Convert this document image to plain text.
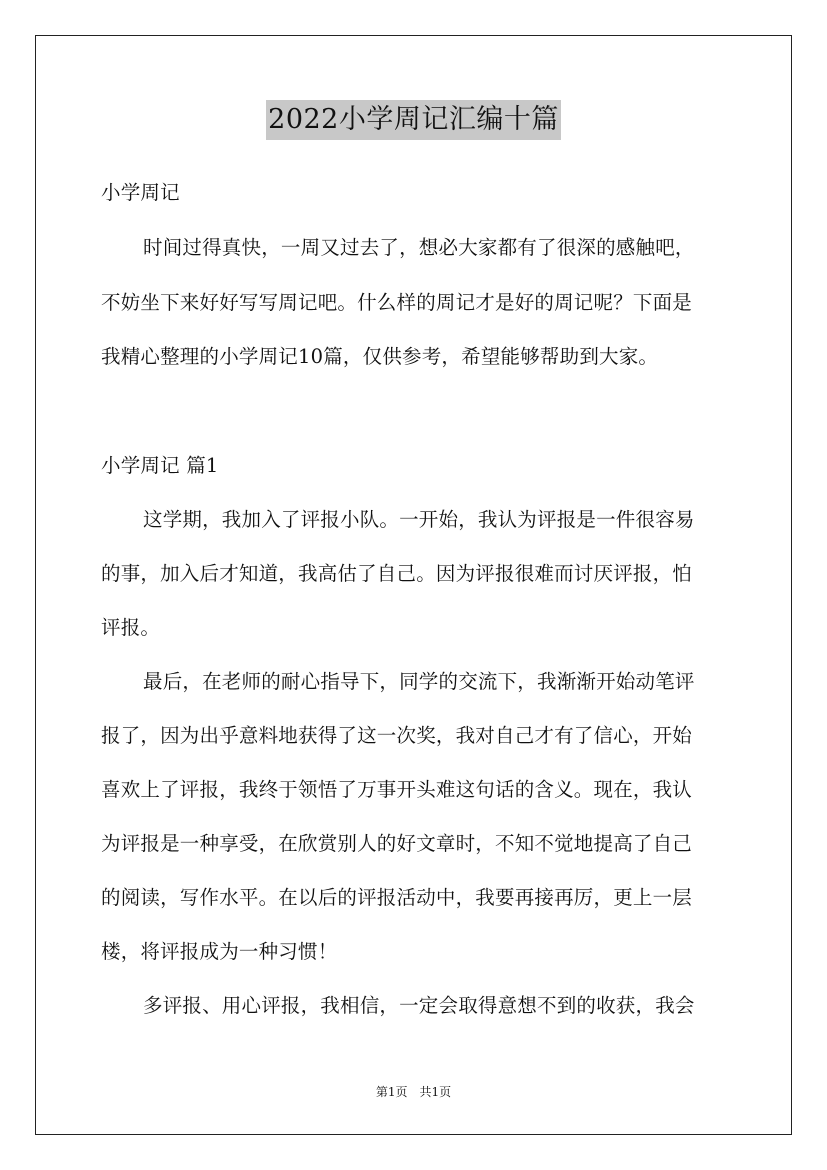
2022小学周记汇编十篇
小学周记
时间过得真快，一周又过去了，想必大家都有了很深的感触吧，
不妨坐下来好好写写周记吧。什么样的周记才是好的周记呢？下面是
我精心整理的小学周记10篇，仅供参考，希望能够帮助到大家。
小学周记 篇1
这学期，我加入了评报小队。一开始，我认为评报是一件很容易
的事，加入后才知道，我高估了自己。因为评报很难而讨厌评报，怕
评报。
最后，在老师的耐心指导下，同学的交流下，我渐渐开始动笔评
报了，因为出乎意料地获得了这一次奖，我对自己才有了信心，开始
喜欢上了评报，我终于领悟了万事开头难这句话的含义。现在，我认
为评报是一种享受，在欣赏别人的好文章时，不知不觉地提高了自己
的阅读，写作水平。在以后的评报活动中，我要再接再厉，更上一层
楼，将评报成为一种习惯！
多评报、用心评报，我相信，一定会取得意想不到的收获，我会
第1页　共1页
